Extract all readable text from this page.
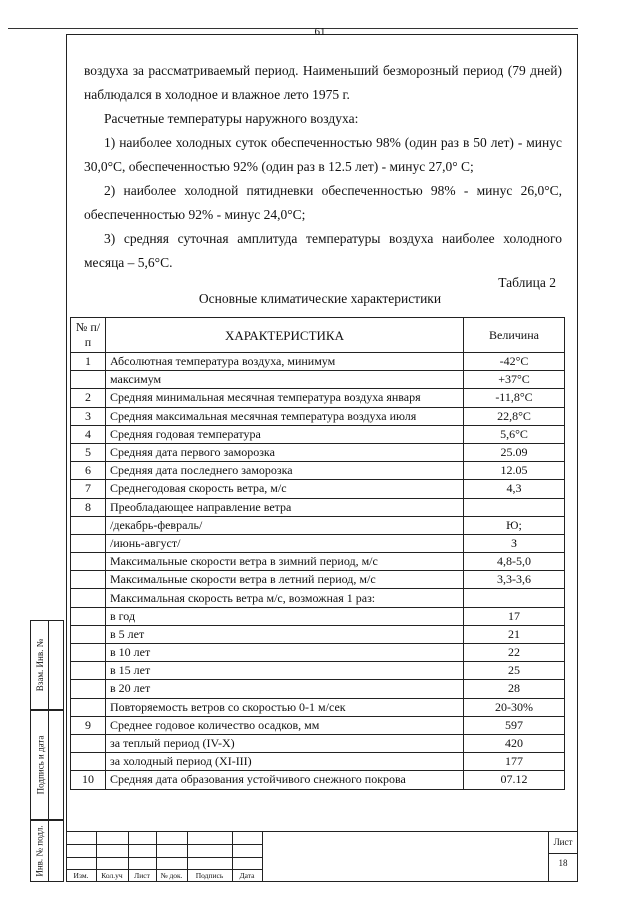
61
воздуха за рассматриваемый период. Наименьший безморозный период (79 дней) наблюдался в холодное и влажное лето 1975 г.
Расчетные температуры наружного воздуха:
1) наиболее холодных суток обеспеченностью 98% (один раз в 50 лет) - минус 30,0°С, обеспеченностью 92% (один раз в 12.5 лет) - минус 27,0° С;
2) наиболее холодной пятидневки обеспеченностью 98% - минус 26,0°С, обеспеченностью 92% - минус 24,0°С;
3) средняя суточная амплитуда температуры воздуха наиболее холодного месяца – 5,6°С.
Таблица 2
Основные климатические характеристики
№ п/п	ХАРАКТЕРИСТИКА	Величина
1	Абсолютная температура воздуха, минимум	-42°С
	максимум	+37°С
2	Средняя минимальная месячная температура воздуха января	-11,8°С
3	Средняя максимальная месячная температура воздуха июля	22,8°С
4	Средняя годовая температура	5,6°С
5	Средняя дата первого заморозка	25.09
6	Средняя дата последнего заморозка	12.05
7	Среднегодовая скорость ветра, м/с	4,3
8	Преобладающее направление ветра	
	/декабрь-февраль/	Ю;
	/июнь-август/	З
	Максимальные скорости ветра в зимний период, м/с	4,8-5,0
	Максимальные скорости ветра в летний период, м/с	3,3-3,6
	Максимальная скорость ветра м/с, возможная 1 раз:	
	в год	17
	в 5 лет	21
	в 10 лет	22
	в 15 лет	25
	в 20 лет	28
	Повторяемость ветров со скоростью 0-1 м/сек	20-30%
9	Среднее годовое количество осадков, мм	597
	за теплый период (IV-X)	420
	за холодный период (XI-III)	177
10	Средняя дата образования устойчивого снежного покрова	07.12
Взам. Инв. №
Подпись и дата
Инв. № подл.	Изм.	Кол.уч	Лист	№ док.	Подпись	Дата
Лист
18
